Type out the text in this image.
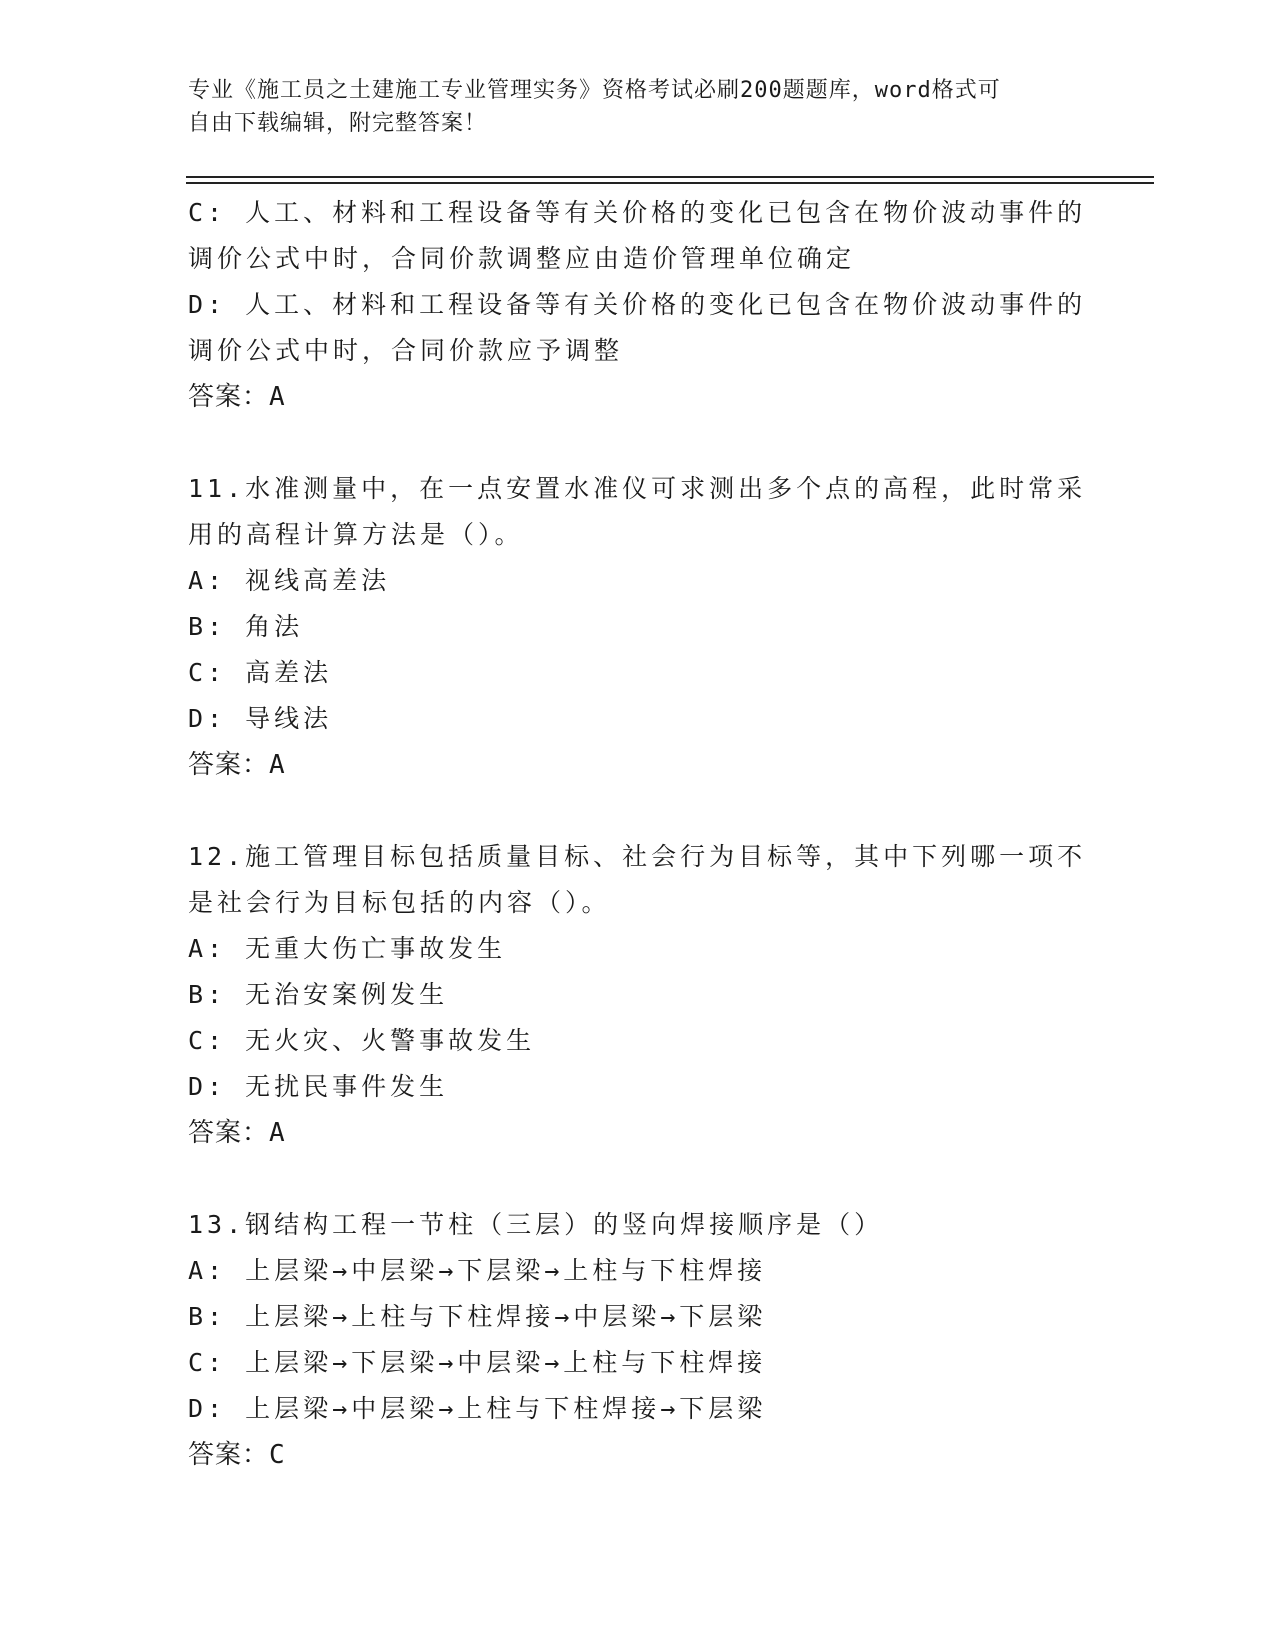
专业《施工员之土建施工专业管理实务》资格考试必刷200题题库，word格式可
自由下载编辑，附完整答案！
C: 人工、材料和工程设备等有关价格的变化已包含在物价波动事件的
调价公式中时，合同价款调整应由造价管理单位确定
D: 人工、材料和工程设备等有关价格的变化已包含在物价波动事件的
调价公式中时，合同价款应予调整
答案：A
11.水准测量中，在一点安置水准仪可求测出多个点的高程，此时常采
用的高程计算方法是（）。
A: 视线高差法
B: 角法
C: 高差法
D: 导线法
答案：A
12.施工管理目标包括质量目标、社会行为目标等，其中下列哪一项不
是社会行为目标包括的内容（）。
A: 无重大伤亡事故发生
B: 无治安案例发生
C: 无火灾、火警事故发生
D: 无扰民事件发生
答案：A
13.钢结构工程一节柱（三层）的竖向焊接顺序是（）
A: 上层梁→中层梁→下层梁→上柱与下柱焊接
B: 上层梁→上柱与下柱焊接→中层梁→下层梁
C: 上层梁→下层梁→中层梁→上柱与下柱焊接
D: 上层梁→中层梁→上柱与下柱焊接→下层梁
答案：C
